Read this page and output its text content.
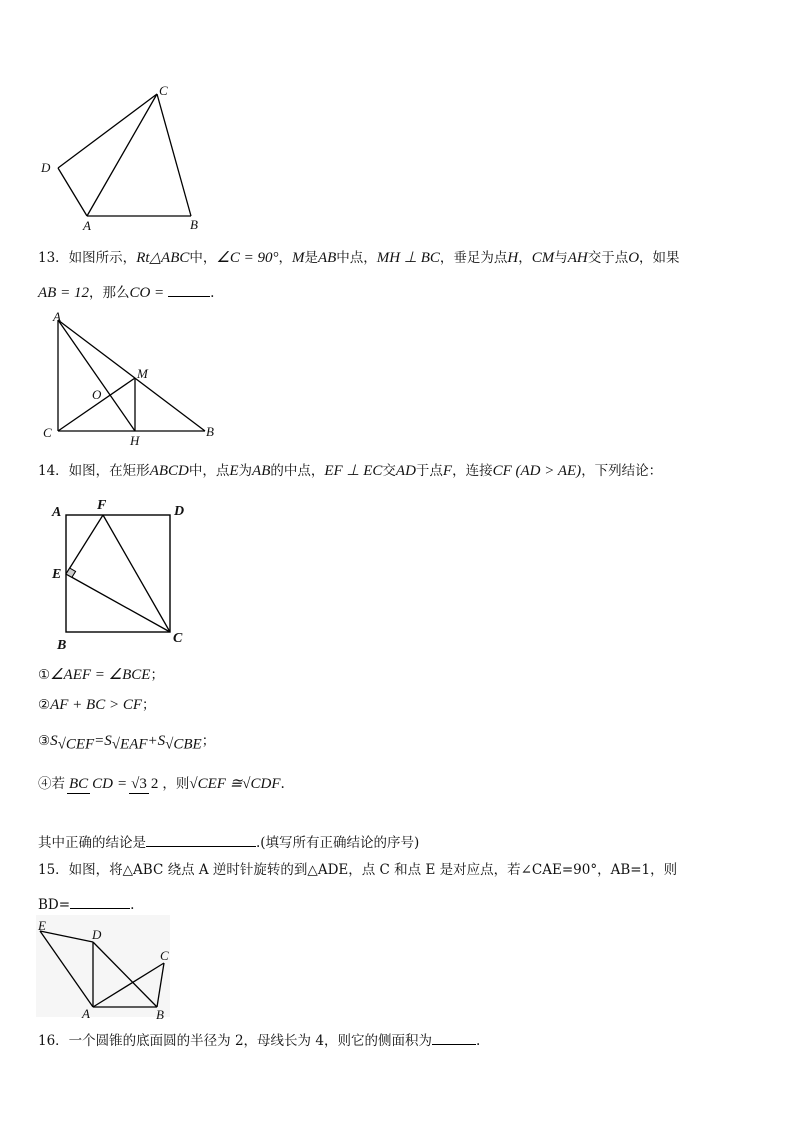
C
D
A	B
13．如图所示，Rt△ABC中，∠C = 90°，M是AB中点，MH ⊥ BC，垂足为点H，CM与AH交于点O，如果
AB = 12，那么CO =	.
A
M
O
C
H
B
14．如图，在矩形ABCD中，点E为AB的中点，EF ⊥ EC交AD于点F，连接CF (AD > AE)，下列结论：
A	F	D
E
B	C
①∠AEF = ∠BCE；
②AF + BC > CF；
$③S_{√CEF}=S_{√EAF}+S_{√CBE}$；
④若 BC CD = √3 2 ，则√CEF ≅√CDF.
其中正确的结论是	.(填写所有正确结论的序号)
15．如图，将△ABC 绕点 A 逆时针旋转的到△ADE，点 C 和点 E 是对应点，若∠CAE=90°，AB=1，则
BD=	.
E
D
C
A	B
16．一个圆锥的底面圆的半径为 2，母线长为 4，则它的侧面积为	.
